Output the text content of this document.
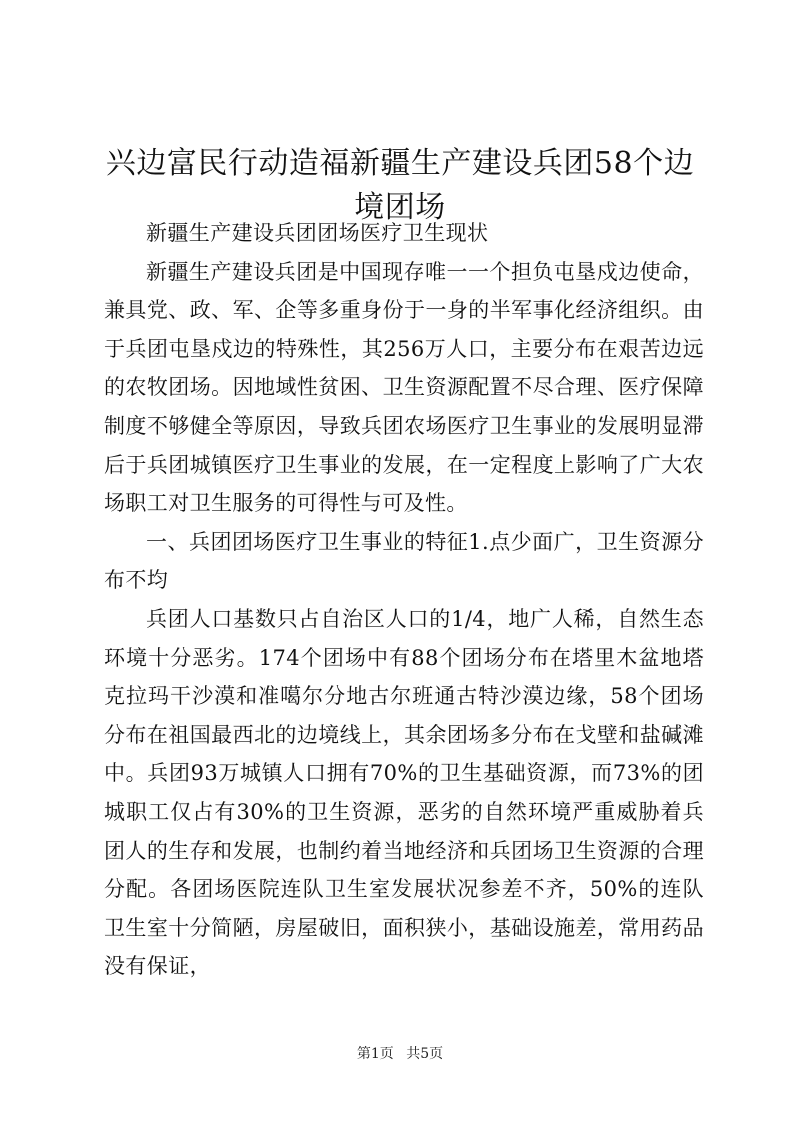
兴边富民行动造福新疆生产建设兵团58个边
境团场

新疆生产建设兵团团场医疗卫生现状

新疆生产建设兵团是中国现存唯一一个担负屯垦戍边使命，兼具党、政、军、企等多重身份于一身的半军事化经济组织。由于兵团屯垦戍边的特殊性，其256万人口，主要分布在艰苦边远的农牧团场。因地域性贫困、卫生资源配置不尽合理、医疗保障制度不够健全等原因，导致兵团农场医疗卫生事业的发展明显滞后于兵团城镇医疗卫生事业的发展，在一定程度上影响了广大农场职工对卫生服务的可得性与可及性。

一、兵团团场医疗卫生事业的特征1.点少面广，卫生资源分布不均

兵团人口基数只占自治区人口的1/4，地广人稀，自然生态环境十分恶劣。174个团场中有88个团场分布在塔里木盆地塔克拉玛干沙漠和准噶尔分地古尔班通古特沙漠边缘，58个团场分布在祖国最西北的边境线上，其余团场多分布在戈壁和盐碱滩中。兵团93万城镇人口拥有70%的卫生基础资源，而73%的团城职工仅占有30%的卫生资源，恶劣的自然环境严重威胁着兵团人的生存和发展，也制约着当地经济和兵团场卫生资源的合理分配。各团场医院连队卫生室发展状况参差不齐，50%的连队卫生室十分简陋，房屋破旧，面积狭小，基础设施差，常用药品没有保证，

第1页 共5页
